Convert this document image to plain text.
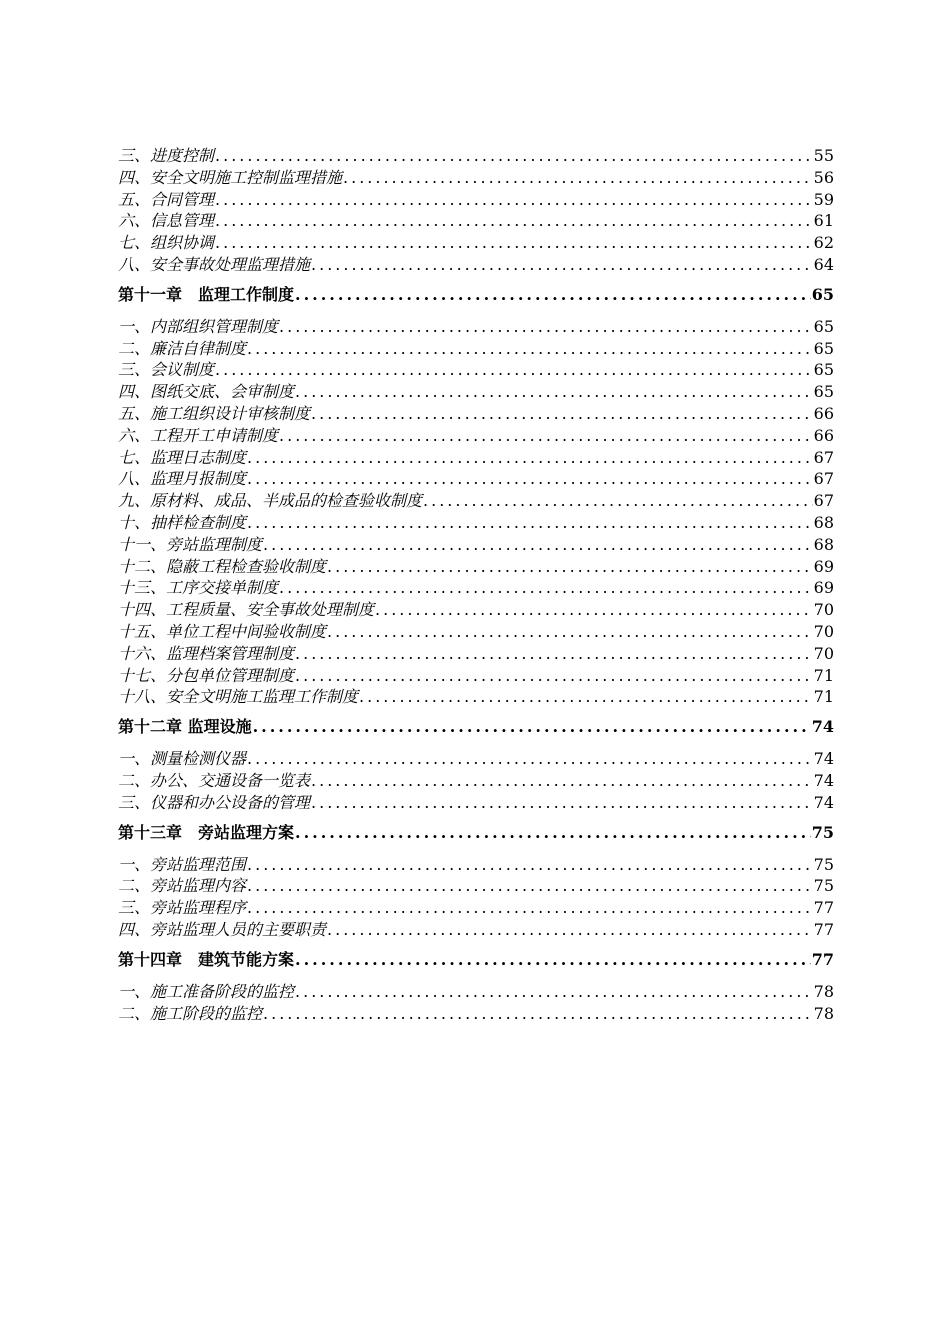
三、进度控制 .....	55
四、安全文明施工控制监理措施 .....	56
五、合同管理 .....	59
六、信息管理 .....	61
七、组织协调 .....	62
八、安全事故处理监理措施 .....	64
第十一章　监理工作制度 .....	65
一、内部组织管理制度 .....	65
二、廉洁自律制度 .....	65
三、会议制度 .....	65
四、图纸交底、会审制度 .....	65
五、施工组织设计审核制度 .....	66
六、工程开工申请制度 .....	66
七、监理日志制度 .....	67
八、监理月报制度 .....	67
九、原材料、成品、半成品的检查验收制度 .....	67
十、抽样检查制度 .....	68
十一、旁站监理制度 .....	68
十二、隐蔽工程检查验收制度 .....	69
十三、工序交接单制度 .....	69
十四、工程质量、安全事故处理制度 .....	70
十五、单位工程中间验收制度 .....	70
十六、监理档案管理制度 .....	70
十七、分包单位管理制度 .....	71
十八、安全文明施工监理工作制度 .....	71
第十二章 监理设施 .....	74
一、测量检测仪器 .....	74
二、办公、交通设备一览表 .....	74
三、仪器和办公设备的管理 .....	74
第十三章　旁站监理方案 .....	75
一、旁站监理范围 .....	75
二、旁站监理内容 .....	75
三、旁站监理程序 .....	77
四、旁站监理人员的主要职责 .....	77
第十四章　建筑节能方案 .....	77
一、施工准备阶段的监控 .....	78
二、施工阶段的监控 .....	78
